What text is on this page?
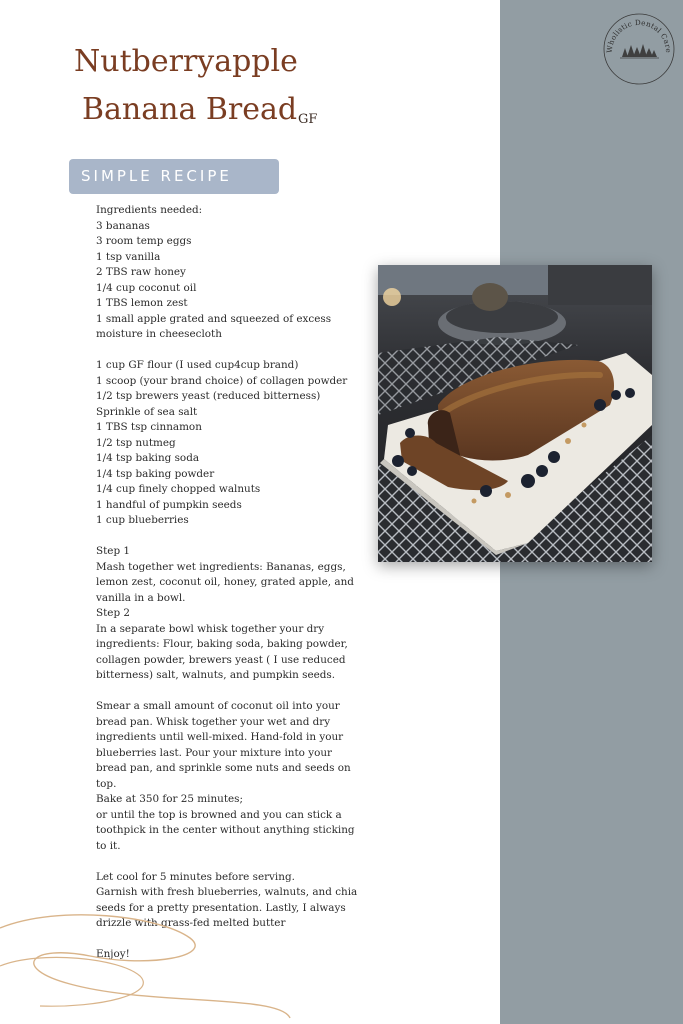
Wholistic Dental Care
Nutberryapple
Banana Bread GF
SIMPLE RECIPE
Ingredients needed:
3 bananas
3 room temp eggs
1 tsp vanilla
2 TBS raw honey
1/4 cup coconut oil
1 TBS lemon zest
1 small apple grated and squeezed of excess
moisture in cheesecloth
1 cup GF flour (I used cup4cup brand)
1 scoop (your brand choice) of collagen powder
1/2 tsp brewers yeast (reduced bitterness)
Sprinkle of sea salt
1 TBS tsp cinnamon
1/2 tsp nutmeg
1/4 tsp baking soda
1/4 tsp baking powder
1/4 cup finely chopped walnuts
1 handful of pumpkin seeds
1 cup blueberries
Step 1
Mash together wet ingredients: Bananas, eggs,
lemon zest, coconut oil, honey, grated apple, and
vanilla in a bowl.
Step 2
In a separate bowl whisk together your dry
ingredients: Flour, baking soda, baking powder,
collagen powder, brewers yeast ( I use reduced
bitterness) salt, walnuts, and pumpkin seeds.
Smear a small amount of coconut oil into your
bread pan. Whisk together your wet and dry
ingredients until well-mixed. Hand-fold in your
blueberries last. Pour your mixture into your
bread pan, and sprinkle some nuts and seeds on
top.
Bake at 350 for 25 minutes;
or until the top is browned and you can stick a
toothpick in the center without anything sticking
to it.
Let cool for 5 minutes before serving.
Garnish with fresh blueberries, walnuts, and chia
seeds for a pretty presentation. Lastly, I always
drizzle with grass-fed melted butter
Enjoy!
